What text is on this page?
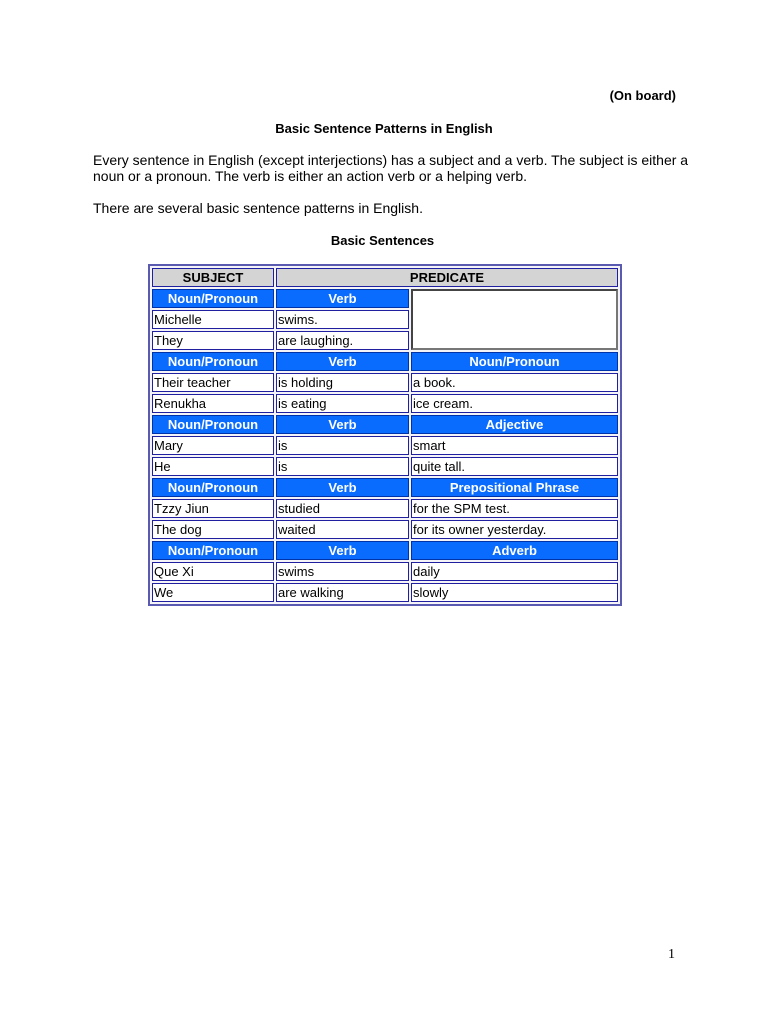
(On board)
Basic Sentence Patterns in English
Every sentence in English (except interjections) has a subject and a verb. The subject is either a noun or a pronoun. The verb is either an action verb or a helping verb.
There are several basic sentence patterns in English.
Basic Sentences
SUBJECT	PREDICATE	
Noun/Pronoun	Verb	
Michelle	swims.	
They	are laughing.	
Noun/Pronoun	Verb	Noun/Pronoun
Their teacher	is holding	a book.
Renukha	is eating	ice cream.
Noun/Pronoun	Verb	Adjective
Mary	is	smart
He	is	quite tall.
Noun/Pronoun	Verb	Prepositional Phrase
Tzzy Jiun	studied	for the SPM test.
The dog	waited	for its owner yesterday.
Noun/Pronoun	Verb	Adverb
Que Xi	swims	daily
We	are walking	slowly
1
